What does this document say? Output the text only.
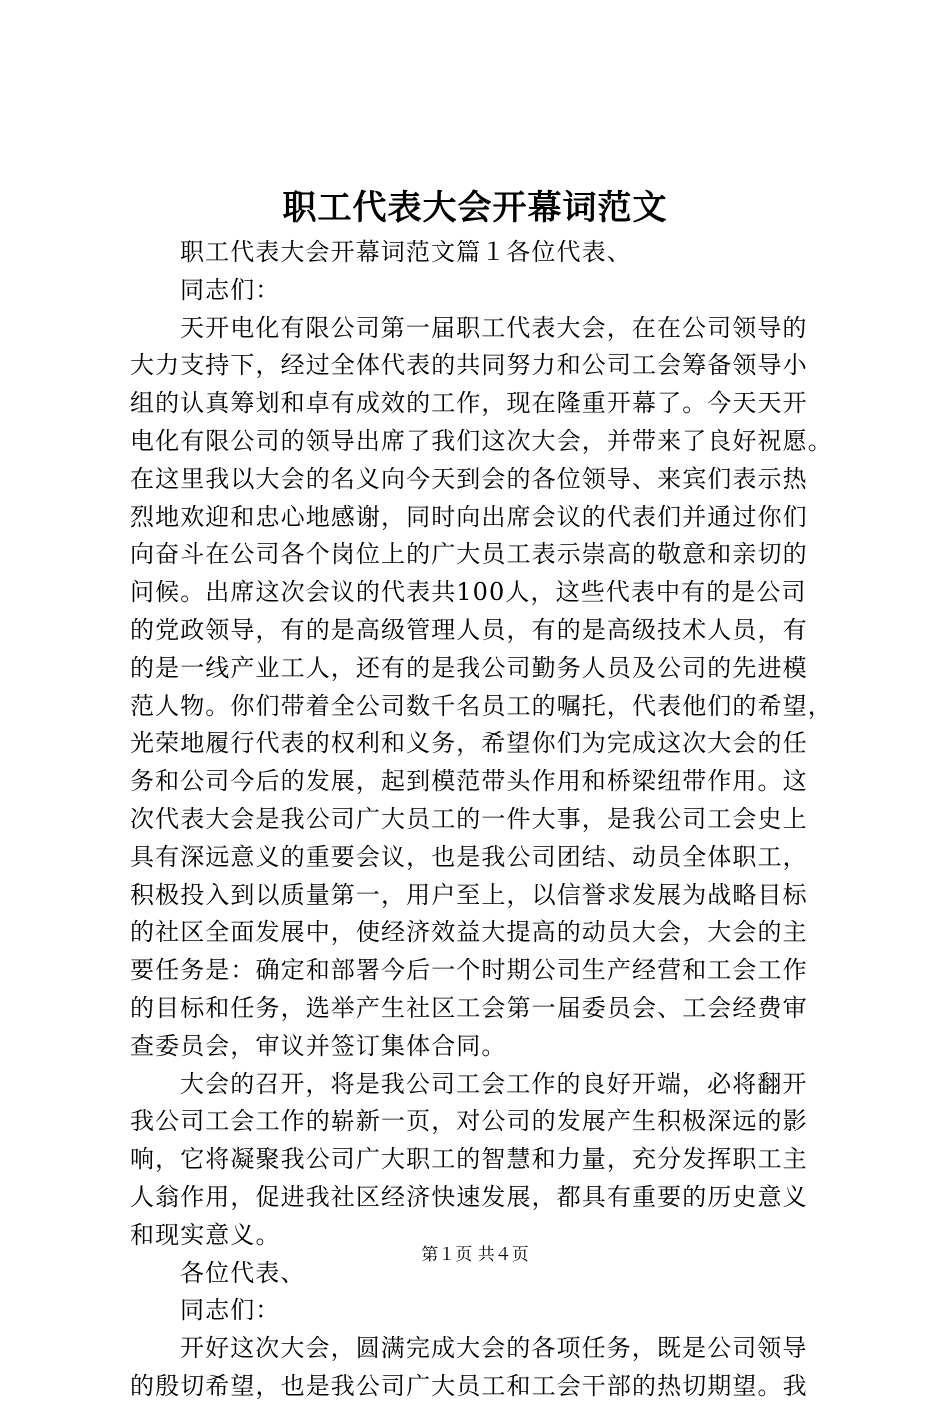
职工代表大会开幕词范文
职工代表大会开幕词范文篇１各位代表、
同志们：
天开电化有限公司第一届职工代表大会，在在公司领导的
大力支持下，经过全体代表的共同努力和公司工会筹备领导小
组的认真筹划和卓有成效的工作，现在隆重开幕了。今天天开
电化有限公司的领导出席了我们这次大会，并带来了良好祝愿。
在这里我以大会的名义向今天到会的各位领导、来宾们表示热
烈地欢迎和忠心地感谢，同时向出席会议的代表们并通过你们
向奋斗在公司各个岗位上的广大员工表示崇高的敬意和亲切的
问候。出席这次会议的代表共100人，这些代表中有的是公司
的党政领导，有的是高级管理人员，有的是高级技术人员，有
的是一线产业工人，还有的是我公司勤务人员及公司的先进模
范人物。你们带着全公司数千名员工的嘱托，代表他们的希望，
光荣地履行代表的权利和义务，希望你们为完成这次大会的任
务和公司今后的发展，起到模范带头作用和桥梁纽带作用。这
次代表大会是我公司广大员工的一件大事，是我公司工会史上
具有深远意义的重要会议，也是我公司团结、动员全体职工，
积极投入到以质量第一，用户至上，以信誉求发展为战略目标
的社区全面发展中，使经济效益大提高的动员大会，大会的主
要任务是：确定和部署今后一个时期公司生产经营和工会工作
的目标和任务，选举产生社区工会第一届委员会、工会经费审
查委员会，审议并签订集体合同。
大会的召开，将是我公司工会工作的良好开端，必将翻开
我公司工会工作的崭新一页，对公司的发展产生积极深远的影
响，它将凝聚我公司广大职工的智慧和力量，充分发挥职工主
人翁作用，促进我社区经济快速发展，都具有重要的历史意义
和现实意义。
各位代表、
同志们：
开好这次大会，圆满完成大会的各项任务，既是公司领导
的殷切希望，也是我公司广大员工和工会干部的热切期望。我
第１页 共４页
